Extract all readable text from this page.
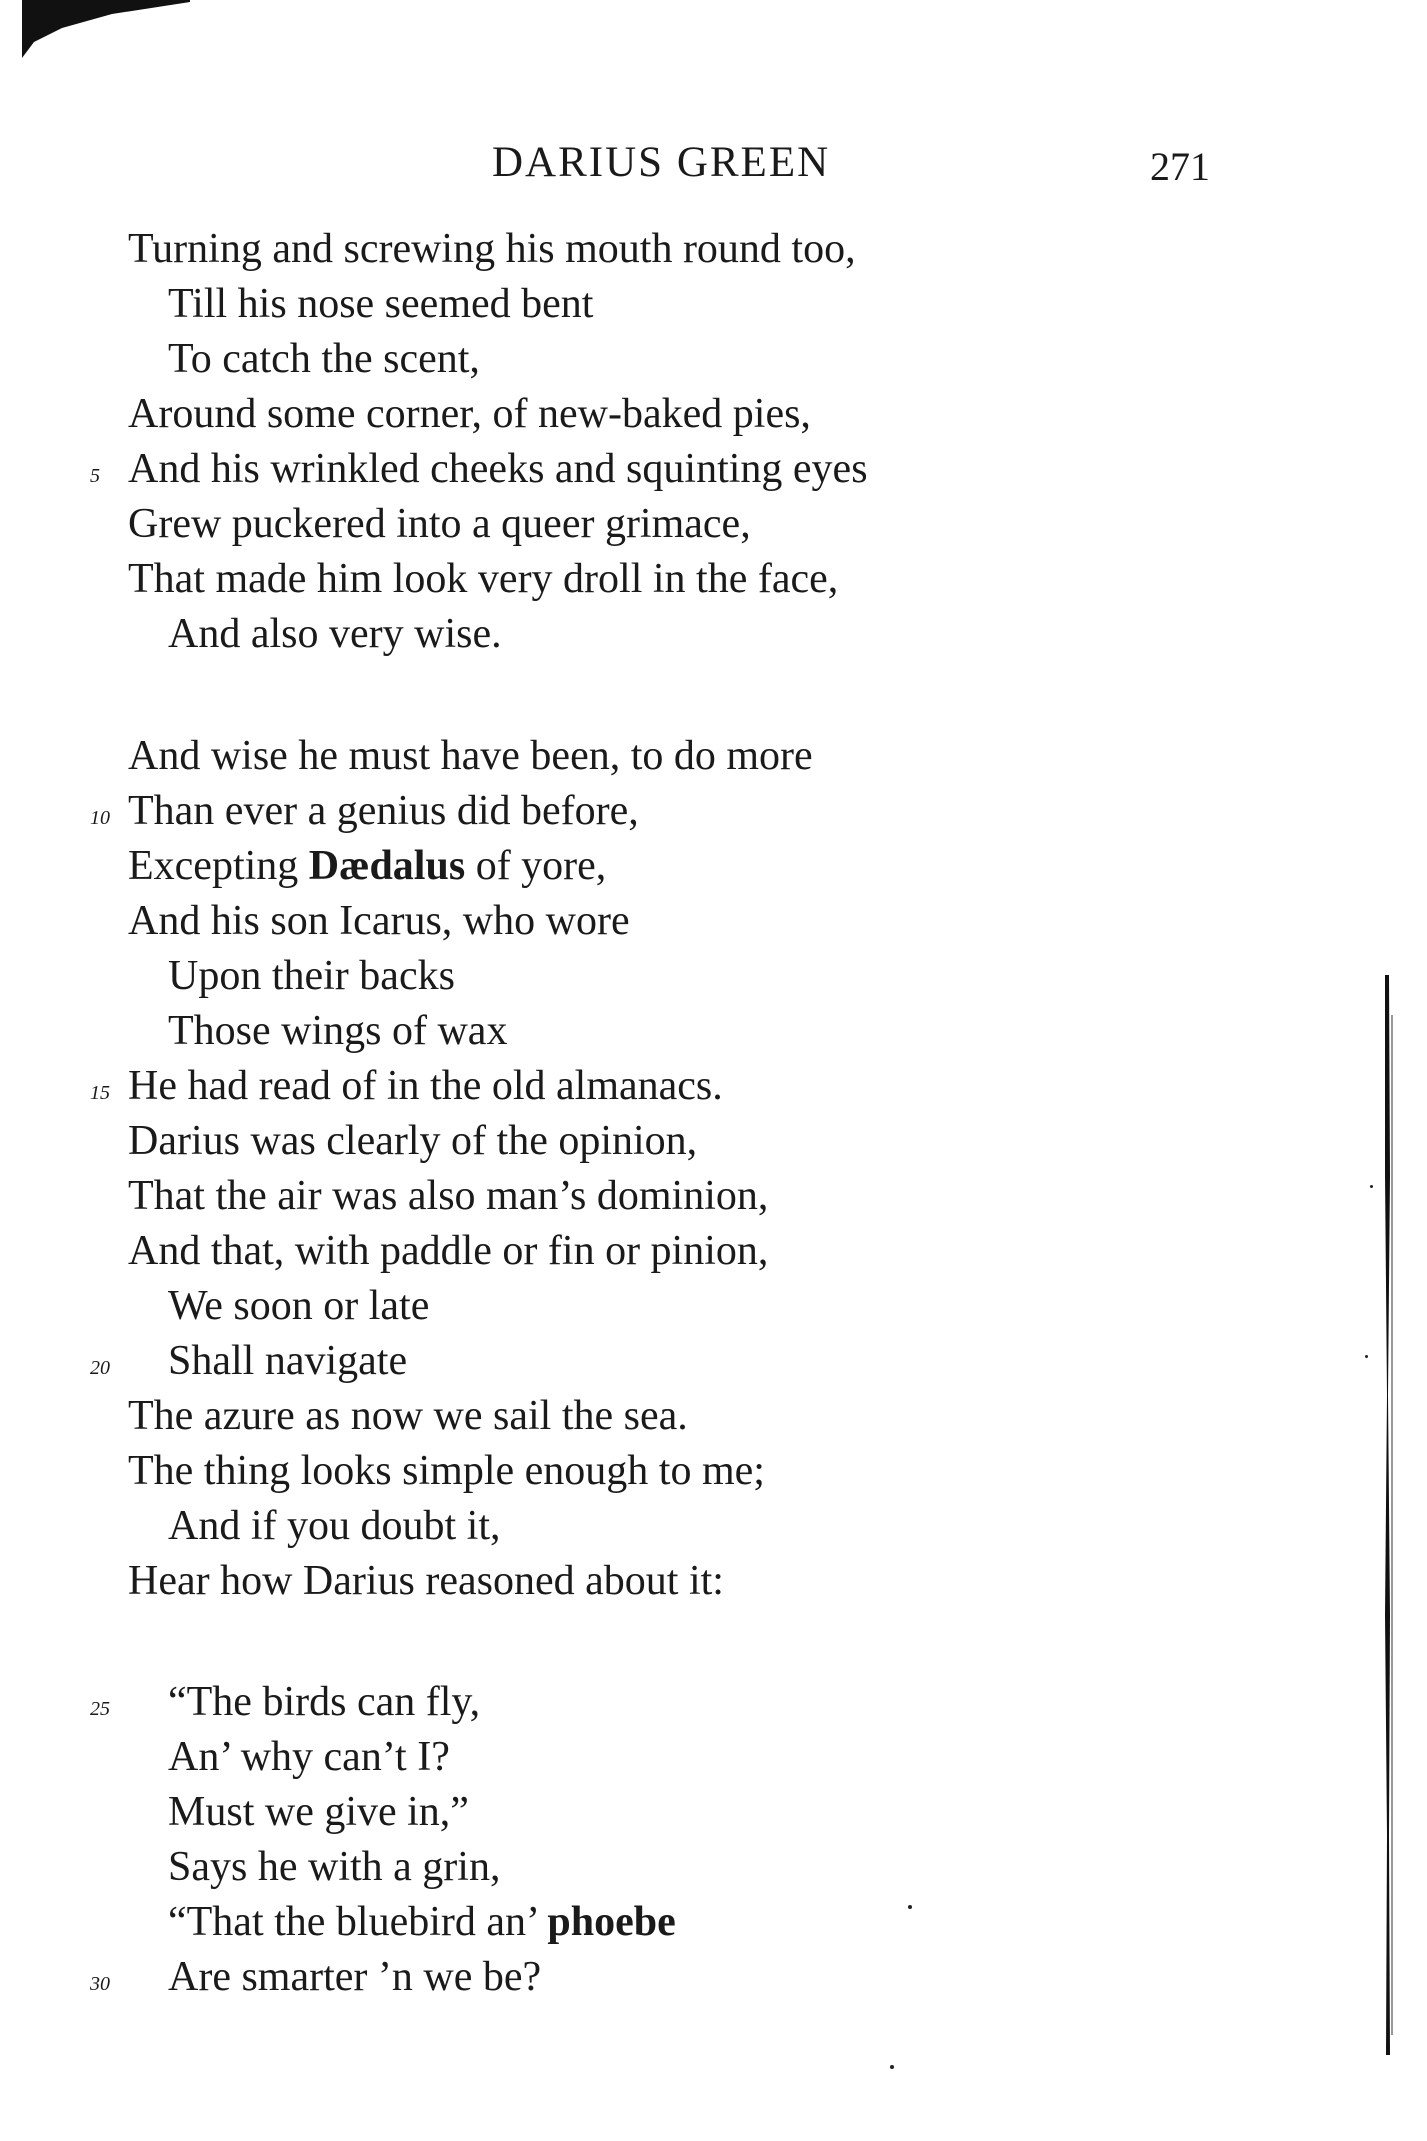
DARIUS GREEN	271
Turning and screwing his mouth round too,
Till his nose seemed bent
To catch the scent,
Around some corner, of new-baked pies,
And his wrinkled cheeks and squinting eyes
5
Grew puckered into a queer grimace,
That made him look very droll in the face,
And also very wise.
And wise he must have been, to do more
Than ever a genius did before,
10
Excepting Dædalus of yore,
And his son Icarus, who wore
Upon their backs
Those wings of wax
He had read of in the old almanacs.
15
Darius was clearly of the opinion,
That the air was also man’s dominion,
And that, with paddle or fin or pinion,
We soon or late
Shall navigate
20
The azure as now we sail the sea.
The thing looks simple enough to me;
And if you doubt it,
Hear how Darius reasoned about it:
“The birds can fly,
25
An’ why can’t I?
Must we give in,”
Says he with a grin,
“That the bluebird an’ phoebe
Are smarter ’n we be?
30
